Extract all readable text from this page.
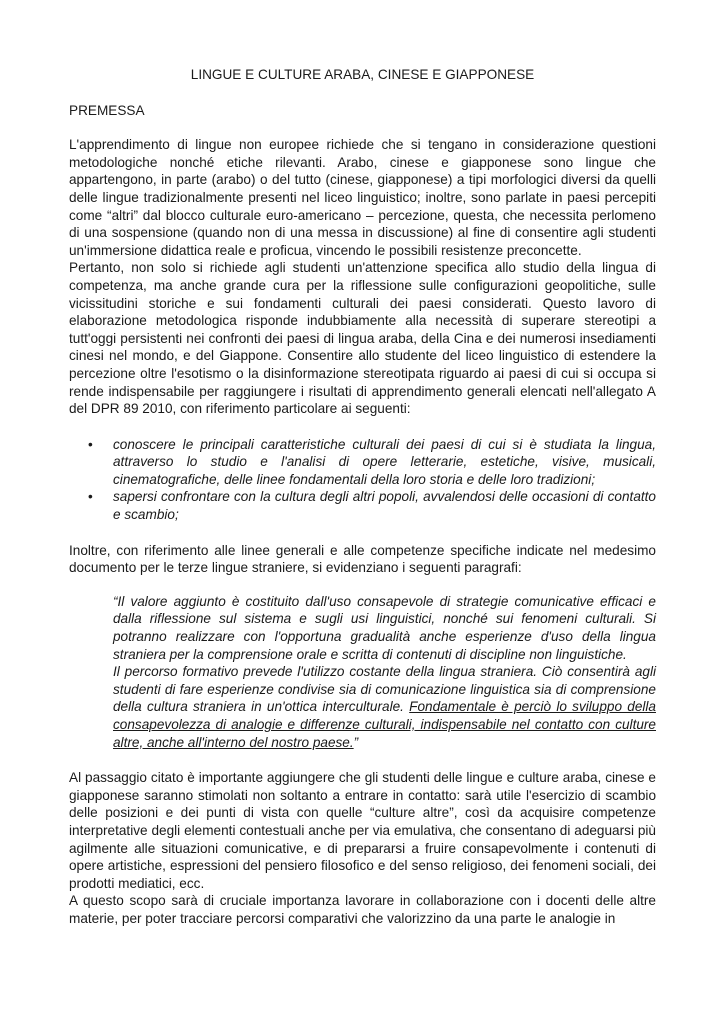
LINGUE E CULTURE ARABA, CINESE E GIAPPONESE
PREMESSA

L'apprendimento di lingue non europee richiede che si tengano in considerazione questioni metodologiche nonché etiche rilevanti. Arabo, cinese e giapponese sono lingue che appartengono, in parte (arabo) o del tutto (cinese, giapponese) a tipi morfologici diversi da quelli delle lingue tradizionalmente presenti nel liceo linguistico; inoltre, sono parlate in paesi percepiti come “altri” dal blocco culturale euro-americano – percezione, questa, che necessita perlomeno di una sospensione (quando non di una messa in discussione) al fine di consentire agli studenti un'immersione didattica reale e proficua, vincendo le possibili resistenze preconcette.

Pertanto, non solo si richiede agli studenti un'attenzione specifica allo studio della lingua di competenza, ma anche grande cura per la riflessione sulle configurazioni geopolitiche, sulle vicissitudini storiche e sui fondamenti culturali dei paesi considerati. Questo lavoro di elaborazione metodologica risponde indubbiamente alla necessità di superare stereotipi a tutt'oggi persistenti nei confronti dei paesi di lingua araba, della Cina e dei numerosi insediamenti cinesi nel mondo, e del Giappone. Consentire allo studente del liceo linguistico di estendere la percezione oltre l'esotismo o la disinformazione stereotipata riguardo ai paesi di cui si occupa si rende indispensabile per raggiungere i risultati di apprendimento generali elencati nell'allegato A del DPR 89 2010, con riferimento particolare ai seguenti:

• conoscere le principali caratteristiche culturali dei paesi di cui si è studiata la lingua, attraverso lo studio e l'analisi di opere letterarie, estetiche, visive, musicali, cinematografiche, delle linee fondamentali della loro storia e delle loro tradizioni;
• sapersi confrontare con la cultura degli altri popoli, avvalendosi delle occasioni di contatto e scambio;

Inoltre, con riferimento alle linee generali e alle competenze specifiche indicate nel medesimo documento per le terze lingue straniere, si evidenziano i seguenti paragrafi:

“Il valore aggiunto è costituito dall'uso consapevole di strategie comunicative efficaci e dalla riflessione sul sistema e sugli usi linguistici, nonché sui fenomeni culturali. Si potranno realizzare con l'opportuna gradualità anche esperienze d'uso della lingua straniera per la comprensione orale e scritta di contenuti di discipline non linguistiche.
Il percorso formativo prevede l'utilizzo costante della lingua straniera. Ciò consentirà agli studenti di fare esperienze condivise sia di comunicazione linguistica sia di comprensione della cultura straniera in un'ottica interculturale. Fondamentale è perciò lo sviluppo della consapevolezza di analogie e differenze culturali, indispensabile nel contatto con culture altre, anche all'interno del nostro paese.”

Al passaggio citato è importante aggiungere che gli studenti delle lingue e culture araba, cinese e giapponese saranno stimolati non soltanto a entrare in contatto: sarà utile l'esercizio di scambio delle posizioni e dei punti di vista con quelle “culture altre”, così da acquisire competenze interpretative degli elementi contestuali anche per via emulativa, che consentano di adeguarsi più agilmente alle situazioni comunicative, e di prepararsi a fruire consapevolmente i contenuti di opere artistiche, espressioni del pensiero filosofico e del senso religioso, dei fenomeni sociali, dei prodotti mediatici, ecc.

A questo scopo sarà di cruciale importanza lavorare in collaborazione con i docenti delle altre materie, per poter tracciare percorsi comparativi che valorizzino da una parte le analogie in
